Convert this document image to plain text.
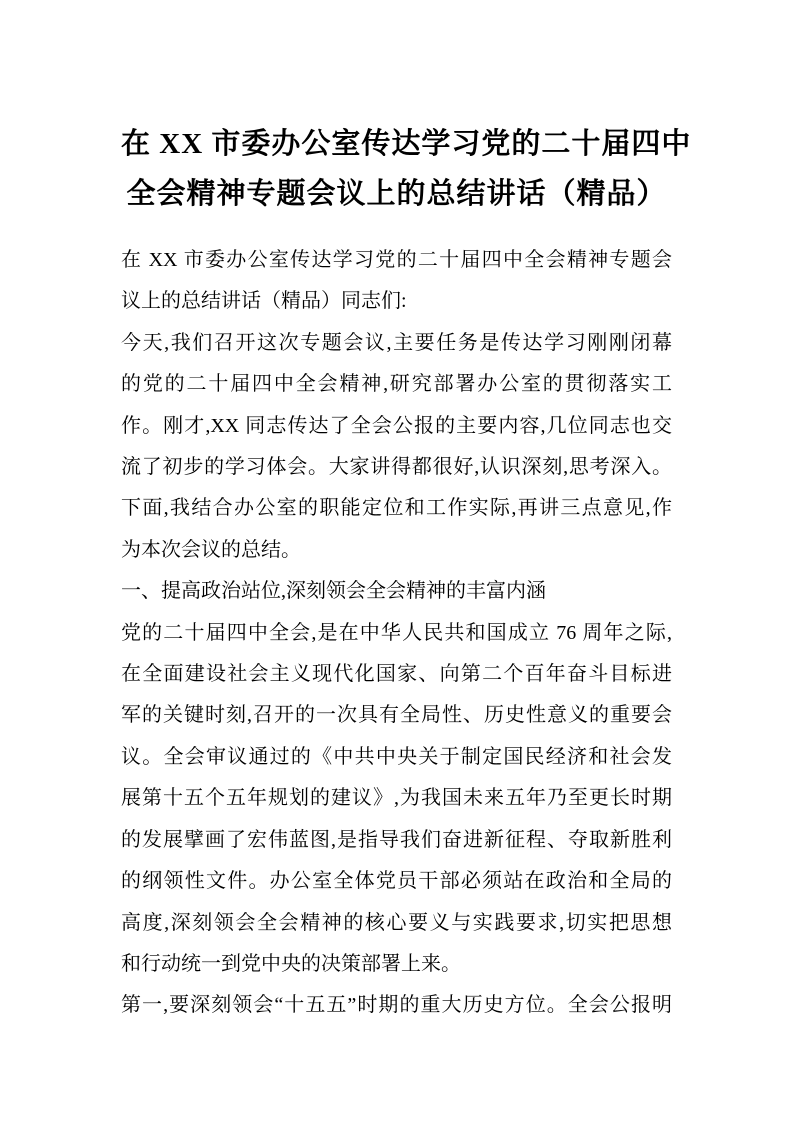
在 XX 市委办公室传达学习党的二十届四中
全会精神专题会议上的总结讲话（精品）
在 XX 市委办公室传达学习党的二十届四中全会精神专题会
议上的总结讲话（精品）同志们:
今天,我们召开这次专题会议,主要任务是传达学习刚刚闭幕
的党的二十届四中全会精神,研究部署办公室的贯彻落实工
作。刚才,XX 同志传达了全会公报的主要内容,几位同志也交
流了初步的学习体会。大家讲得都很好,认识深刻,思考深入。
下面,我结合办公室的职能定位和工作实际,再讲三点意见,作
为本次会议的总结。
一、提高政治站位,深刻领会全会精神的丰富内涵
党的二十届四中全会,是在中华人民共和国成立 76 周年之际,
在全面建设社会主义现代化国家、向第二个百年奋斗目标进
军的关键时刻,召开的一次具有全局性、历史性意义的重要会
议。全会审议通过的《中共中央关于制定国民经济和社会发
展第十五个五年规划的建议》,为我国未来五年乃至更长时期
的发展擘画了宏伟蓝图,是指导我们奋进新征程、夺取新胜利
的纲领性文件。办公室全体党员干部必须站在政治和全局的
高度,深刻领会全会精神的核心要义与实践要求,切实把思想
和行动统一到党中央的决策部署上来。
第一,要深刻领会“十五五”时期的重大历史方位。全会公报明
